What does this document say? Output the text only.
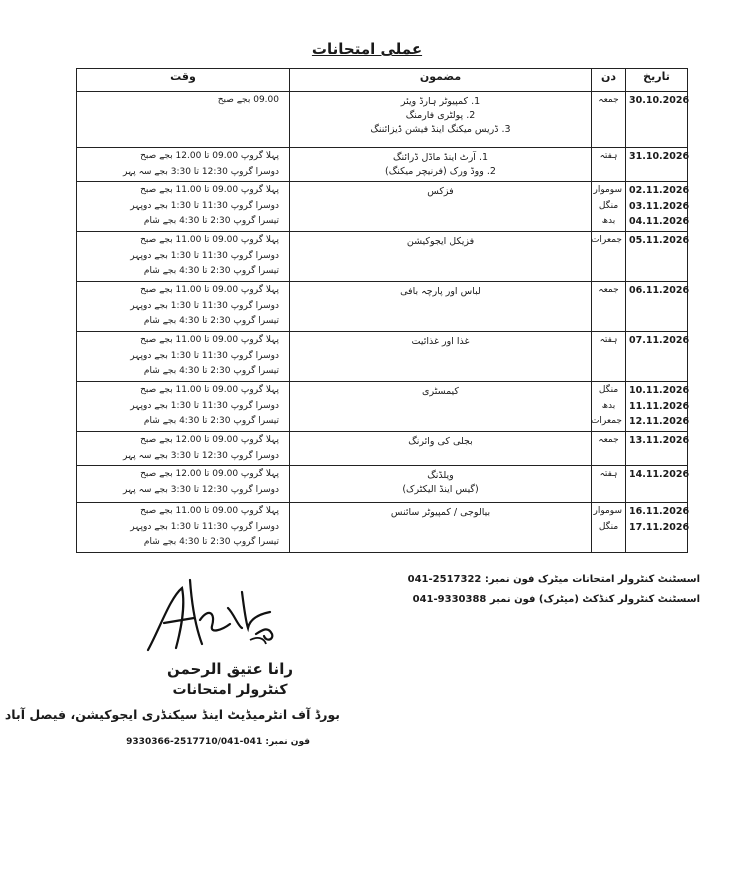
عملی امتحانات
وقت	مضمون	دن	تاریخ

09.00 بجے صبح	1. کمپیوٹر ہارڈ ویئر
2. پولٹری فارمنگ
3. ڈریس میکنگ اینڈ فیشن ڈیزائننگ	جمعہ	30.10.2026

پہلا گروپ 09.00 تا 12.00 بجے صبح
دوسرا گروپ 12:30 تا 3:30 بجے سہ پہر	1. آرٹ اینڈ ماڈل ڈرائنگ
2. ووڈ ورک (فرنیچر میکنگ)	ہفتہ	31.10.2026

پہلا گروپ 09.00 تا 11.00 بجے صبح
دوسرا گروپ 11:30 تا 1:30 بجے دوپہر
تیسرا گروپ 2:30 تا 4:30 بجے شام	فزکس	سوموار
منگل
بدھ	02.11.2026
03.11.2026
04.11.2026

پہلا گروپ 09.00 تا 11.00 بجے صبح
دوسرا گروپ 11:30 تا 1:30 بجے دوپہر
تیسرا گروپ 2:30 تا 4:30 بجے شام	فزیکل ایجوکیشن	جمعرات	05.11.2026

پہلا گروپ 09.00 تا 11.00 بجے صبح
دوسرا گروپ 11:30 تا 1:30 بجے دوپہر
تیسرا گروپ 2:30 تا 4:30 بجے شام	لباس اور پارچہ بافی	جمعہ	06.11.2026

پہلا گروپ 09.00 تا 11.00 بجے صبح
دوسرا گروپ 11:30 تا 1:30 بجے دوپہر
تیسرا گروپ 2:30 تا 4:30 بجے شام	غذا اور غذائیت	ہفتہ	07.11.2026

پہلا گروپ 09.00 تا 11.00 بجے صبح
دوسرا گروپ 11:30 تا 1:30 بجے دوپہر
تیسرا گروپ 2:30 تا 4:30 بجے شام	کیمسٹری	منگل
بدھ
جمعرات	10.11.2026
11.11.2026
12.11.2026

پہلا گروپ 09.00 تا 12.00 بجے صبح
دوسرا گروپ 12:30 تا 3:30 بجے سہ پہر	بجلی کی وائرنگ	جمعہ	13.11.2026

پہلا گروپ 09.00 تا 12.00 بجے صبح
دوسرا گروپ 12:30 تا 3:30 بجے سہ پہر	ویلڈنگ
(گیس اینڈ الیکٹرک)	ہفتہ	14.11.2026

پہلا گروپ 09.00 تا 11.00 بجے صبح
دوسرا گروپ 11:30 تا 1:30 بجے دوپہر
تیسرا گروپ 2:30 تا 4:30 بجے شام	بیالوجی / کمپیوٹر سائنس	سوموار
منگل	16.11.2026
17.11.2026
رانا عتیق الرحمن
کنٹرولر امتحانات
بورڈ آف انٹرمیڈیٹ اینڈ سیکنڈری ایجوکیشن، فیصل آباد
فون نمبر: 041-2517710/041-9330366
اسسٹنٹ کنٹرولر امتحانات میٹرک فون نمبر: 041-2517322
اسسٹنٹ کنٹرولر کنڈکٹ (میٹرک) فون نمبر 041-9330388
